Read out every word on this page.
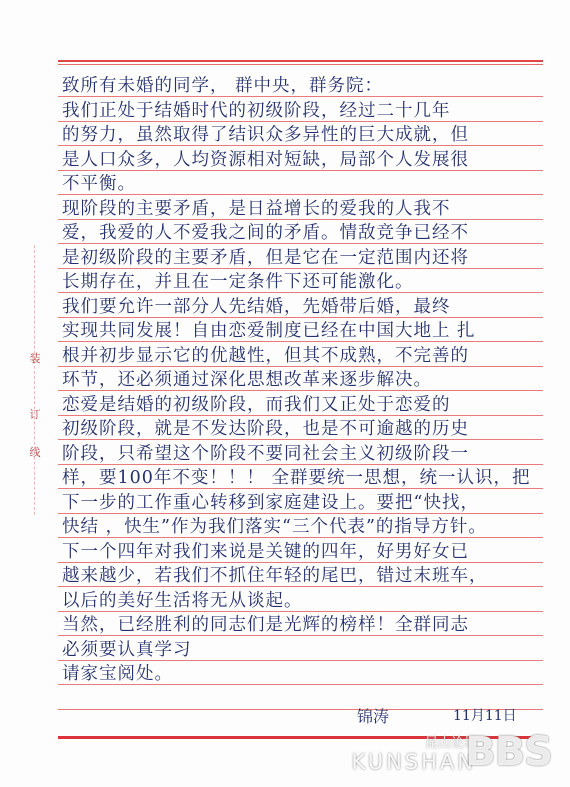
装
订
线

致所有未婚的同学， 群中央，群务院：

我们正处于结婚时代的初级阶段，经过二十几年

的努力，虽然取得了结识众多异性的巨大成就，但

是人口众多，人均资源相对短缺，局部个人发展很

不平衡。

现阶段的主要矛盾，是日益增长的爱我的人我不

爱，我爱的人不爱我之间的矛盾。情敌竞争已经不

是初级阶段的主要矛盾，但是它在一定范围内还将

长期存在，并且在一定条件下还可能激化。

我们要允许一部分人先结婚，先婚带后婚，最终

实现共同发展！自由恋爱制度已经在中国大地上 扎

根并初步显示它的优越性，但其不成熟，不完善的

环节，还必须通过深化思想改革来逐步解决。

恋爱是结婚的初级阶段，而我们又正处于恋爱的

初级阶段，就是不发达阶段，也是不可逾越的历史

阶段，只希望这个阶段不要同社会主义初级阶段一

样，要100年不变！！！ 全群要统一思想，统一认识，把

下一步的工作重心转移到家庭建设上。要把“快找，

快结 ，快生”作为我们落实“三个代表”的指导方针。

下一个四年对我们来说是关键的四年，好男好女已

越来越少，若我们不抓住年轻的尾巴，错过末班车，

以后的美好生活将无从谈起。

当然，已经胜利的同志们是光辉的榜样！全群同志

必须要认真学习

请家宝阅处。

锦涛	11月11日
昆山论坛
KUNSHAN
BBS
